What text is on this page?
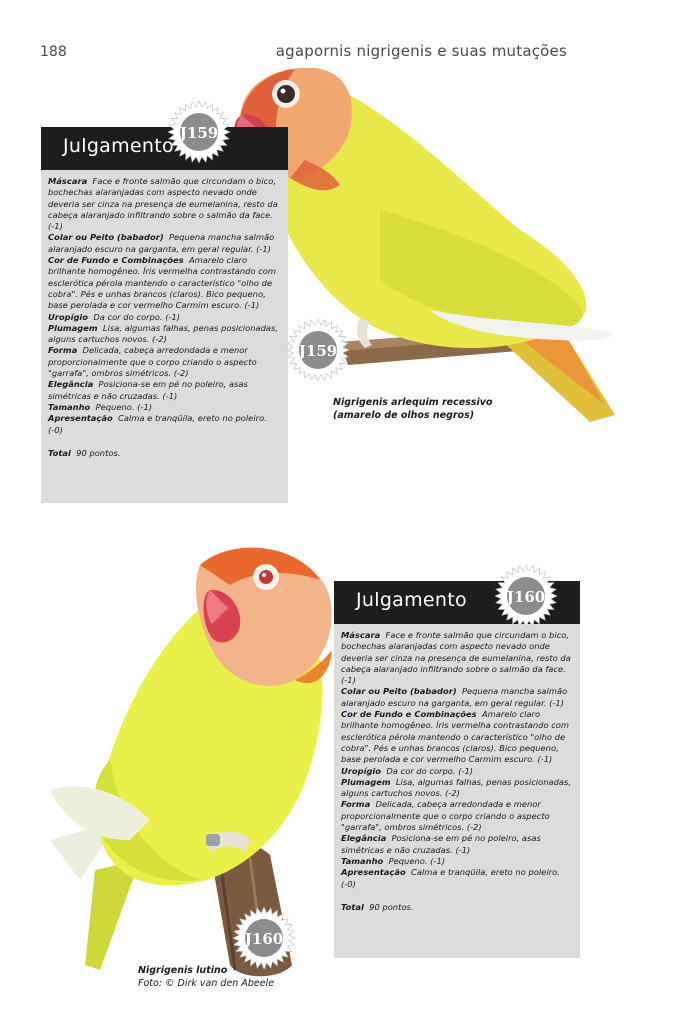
188	agapornis nigrigenis e suas mutações
Julgamento

Máscara Face e fronte salmão que circundam o bico, bochechas alaranjadas com aspecto nevado onde deveria ser cinza na presença de eumelanina, resto da cabeça alaranjado infiltrando sobre o salmão da face. (-1)

Colar ou Peito (babador) Pequena mancha salmão alaranjado escuro na garganta, em geral regular. (-1)

Cor de Fundo e Combinações Amarelo claro brilhante homogêneo. Íris vermelha contrastando com esclerótica pérola mantendo o característico "olho de cobra". Pés e unhas brancos (claros). Bico pequeno, base perolada e cor vermelho Carmim escuro. (-1)

Uropígio Da cor do corpo. (-1)

Plumagem Lisa, algumas falhas, penas posicionadas, alguns cartuchos novos. (-2)

Forma Delicada, cabeça arredondada e menor proporcionalmente que o corpo criando o aspecto "garrafa", ombros simétricos. (-2)

Elegância Posiciona-se em pé no poleiro, asas simétricas e não cruzadas. (-1)

Tamanho Pequeno. (-1)

Apresentação Calma e tranqüila, ereto no poleiro. (-0)

Total 90 pontos.

Julgamento

Máscara Face e fronte salmão que circundam o bico, bochechas alaranjadas com aspecto nevado onde deveria ser cinza na presença de eumelanina, resto da cabeça alaranjado infiltrando sobre o salmão da face. (-1)

Colar ou Peito (babador) Pequena mancha salmão alaranjado escuro na garganta, em geral regular. (-1)

Cor de Fundo e Combinações Amarelo claro brilhante homogêneo. Íris vermelha contrastando com esclerótica pérola mantendo o característico "olho de cobra". Pés e unhas brancos (claros). Bico pequeno, base perolada e cor vermelho Carmim escuro. (-1)

Uropígio Da cor do corpo. (-1)

Plumagem Lisa, algumas falhas, penas posicionadas, alguns cartuchos novos. (-2)

Forma Delicada, cabeça arredondada e menor proporcionalmente que o corpo criando o aspecto "garrafa", ombros simétricos. (-2)

Elegância Posiciona-se em pé no poleiro, asas simétricas e não cruzadas. (-1)

Tamanho Pequeno. (-1)

Apresentação Calma e tranqüila, ereto no poleiro. (-0)

Total 90 pontos.

J159
J159
J160
J160
Nigrigenis arlequim recessivo
(amarelo de olhos negros)
Nigrigenis lutino
Foto: © Dirk van den Abeele
